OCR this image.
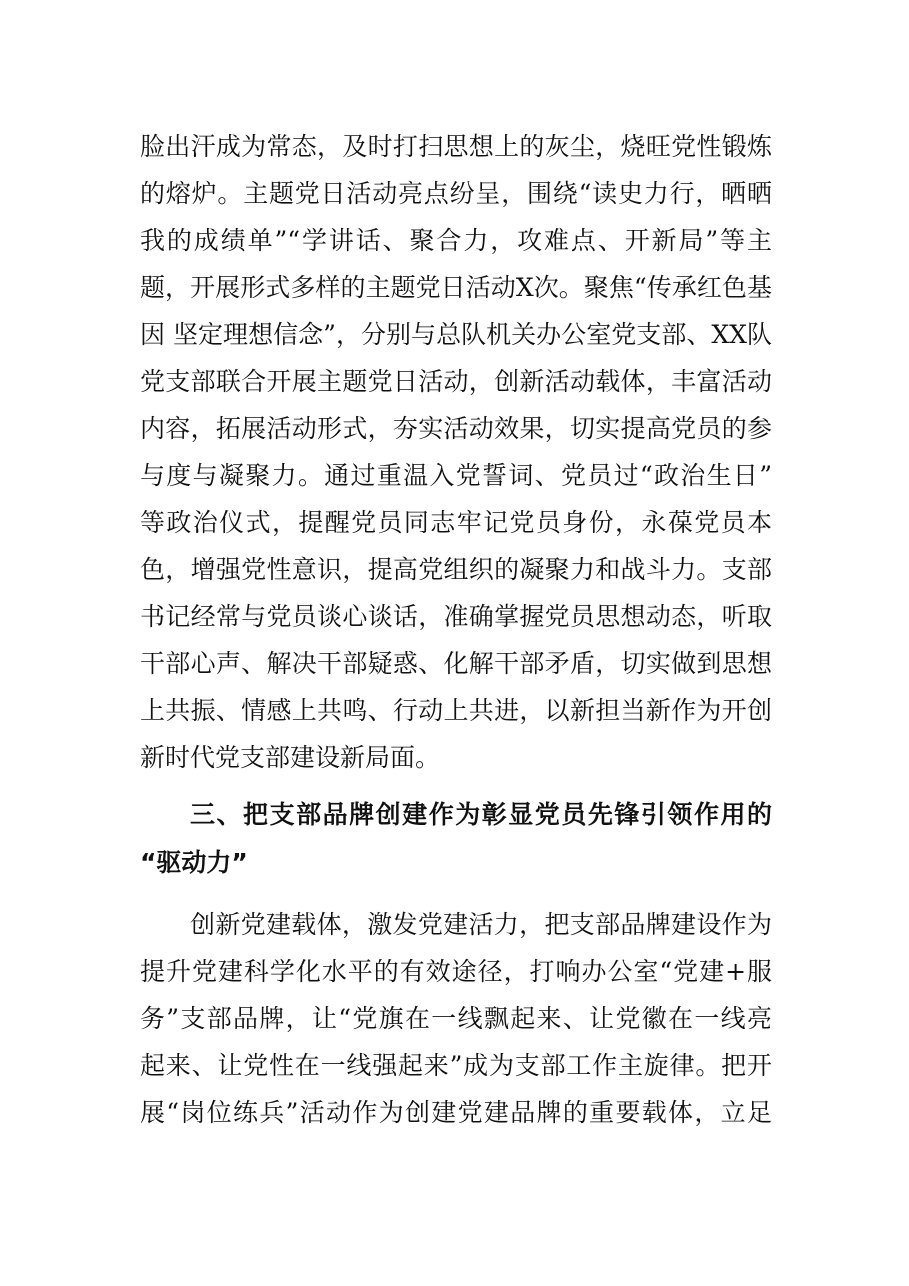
脸出汗成为常态，及时打扫思想上的灰尘，烧旺党性锻炼
的熔炉。主题党日活动亮点纷呈，围绕“读史力行，晒晒
我的成绩单”“学讲话、聚合力，攻难点、开新局”等主
题，开展形式多样的主题党日活动X次。聚焦“传承红色基
因 坚定理想信念”，分别与总队机关办公室党支部、XX队
党支部联合开展主题党日活动，创新活动载体，丰富活动
内容，拓展活动形式，夯实活动效果，切实提高党员的参
与度与凝聚力。通过重温入党誓词、党员过“政治生日”
等政治仪式，提醒党员同志牢记党员身份，永葆党员本
色，增强党性意识，提高党组织的凝聚力和战斗力。支部
书记经常与党员谈心谈话，准确掌握党员思想动态，听取
干部心声、解决干部疑惑、化解干部矛盾，切实做到思想
上共振、情感上共鸣、行动上共进，以新担当新作为开创
新时代党支部建设新局面。
三、把支部品牌创建作为彰显党员先锋引领作用的
“驱动力”
创新党建载体，激发党建活力，把支部品牌建设作为
提升党建科学化水平的有效途径，打响办公室“党建+服
务”支部品牌，让“党旗在一线飘起来、让党徽在一线亮
起来、让党性在一线强起来”成为支部工作主旋律。把开
展“岗位练兵”活动作为创建党建品牌的重要载体，立足
